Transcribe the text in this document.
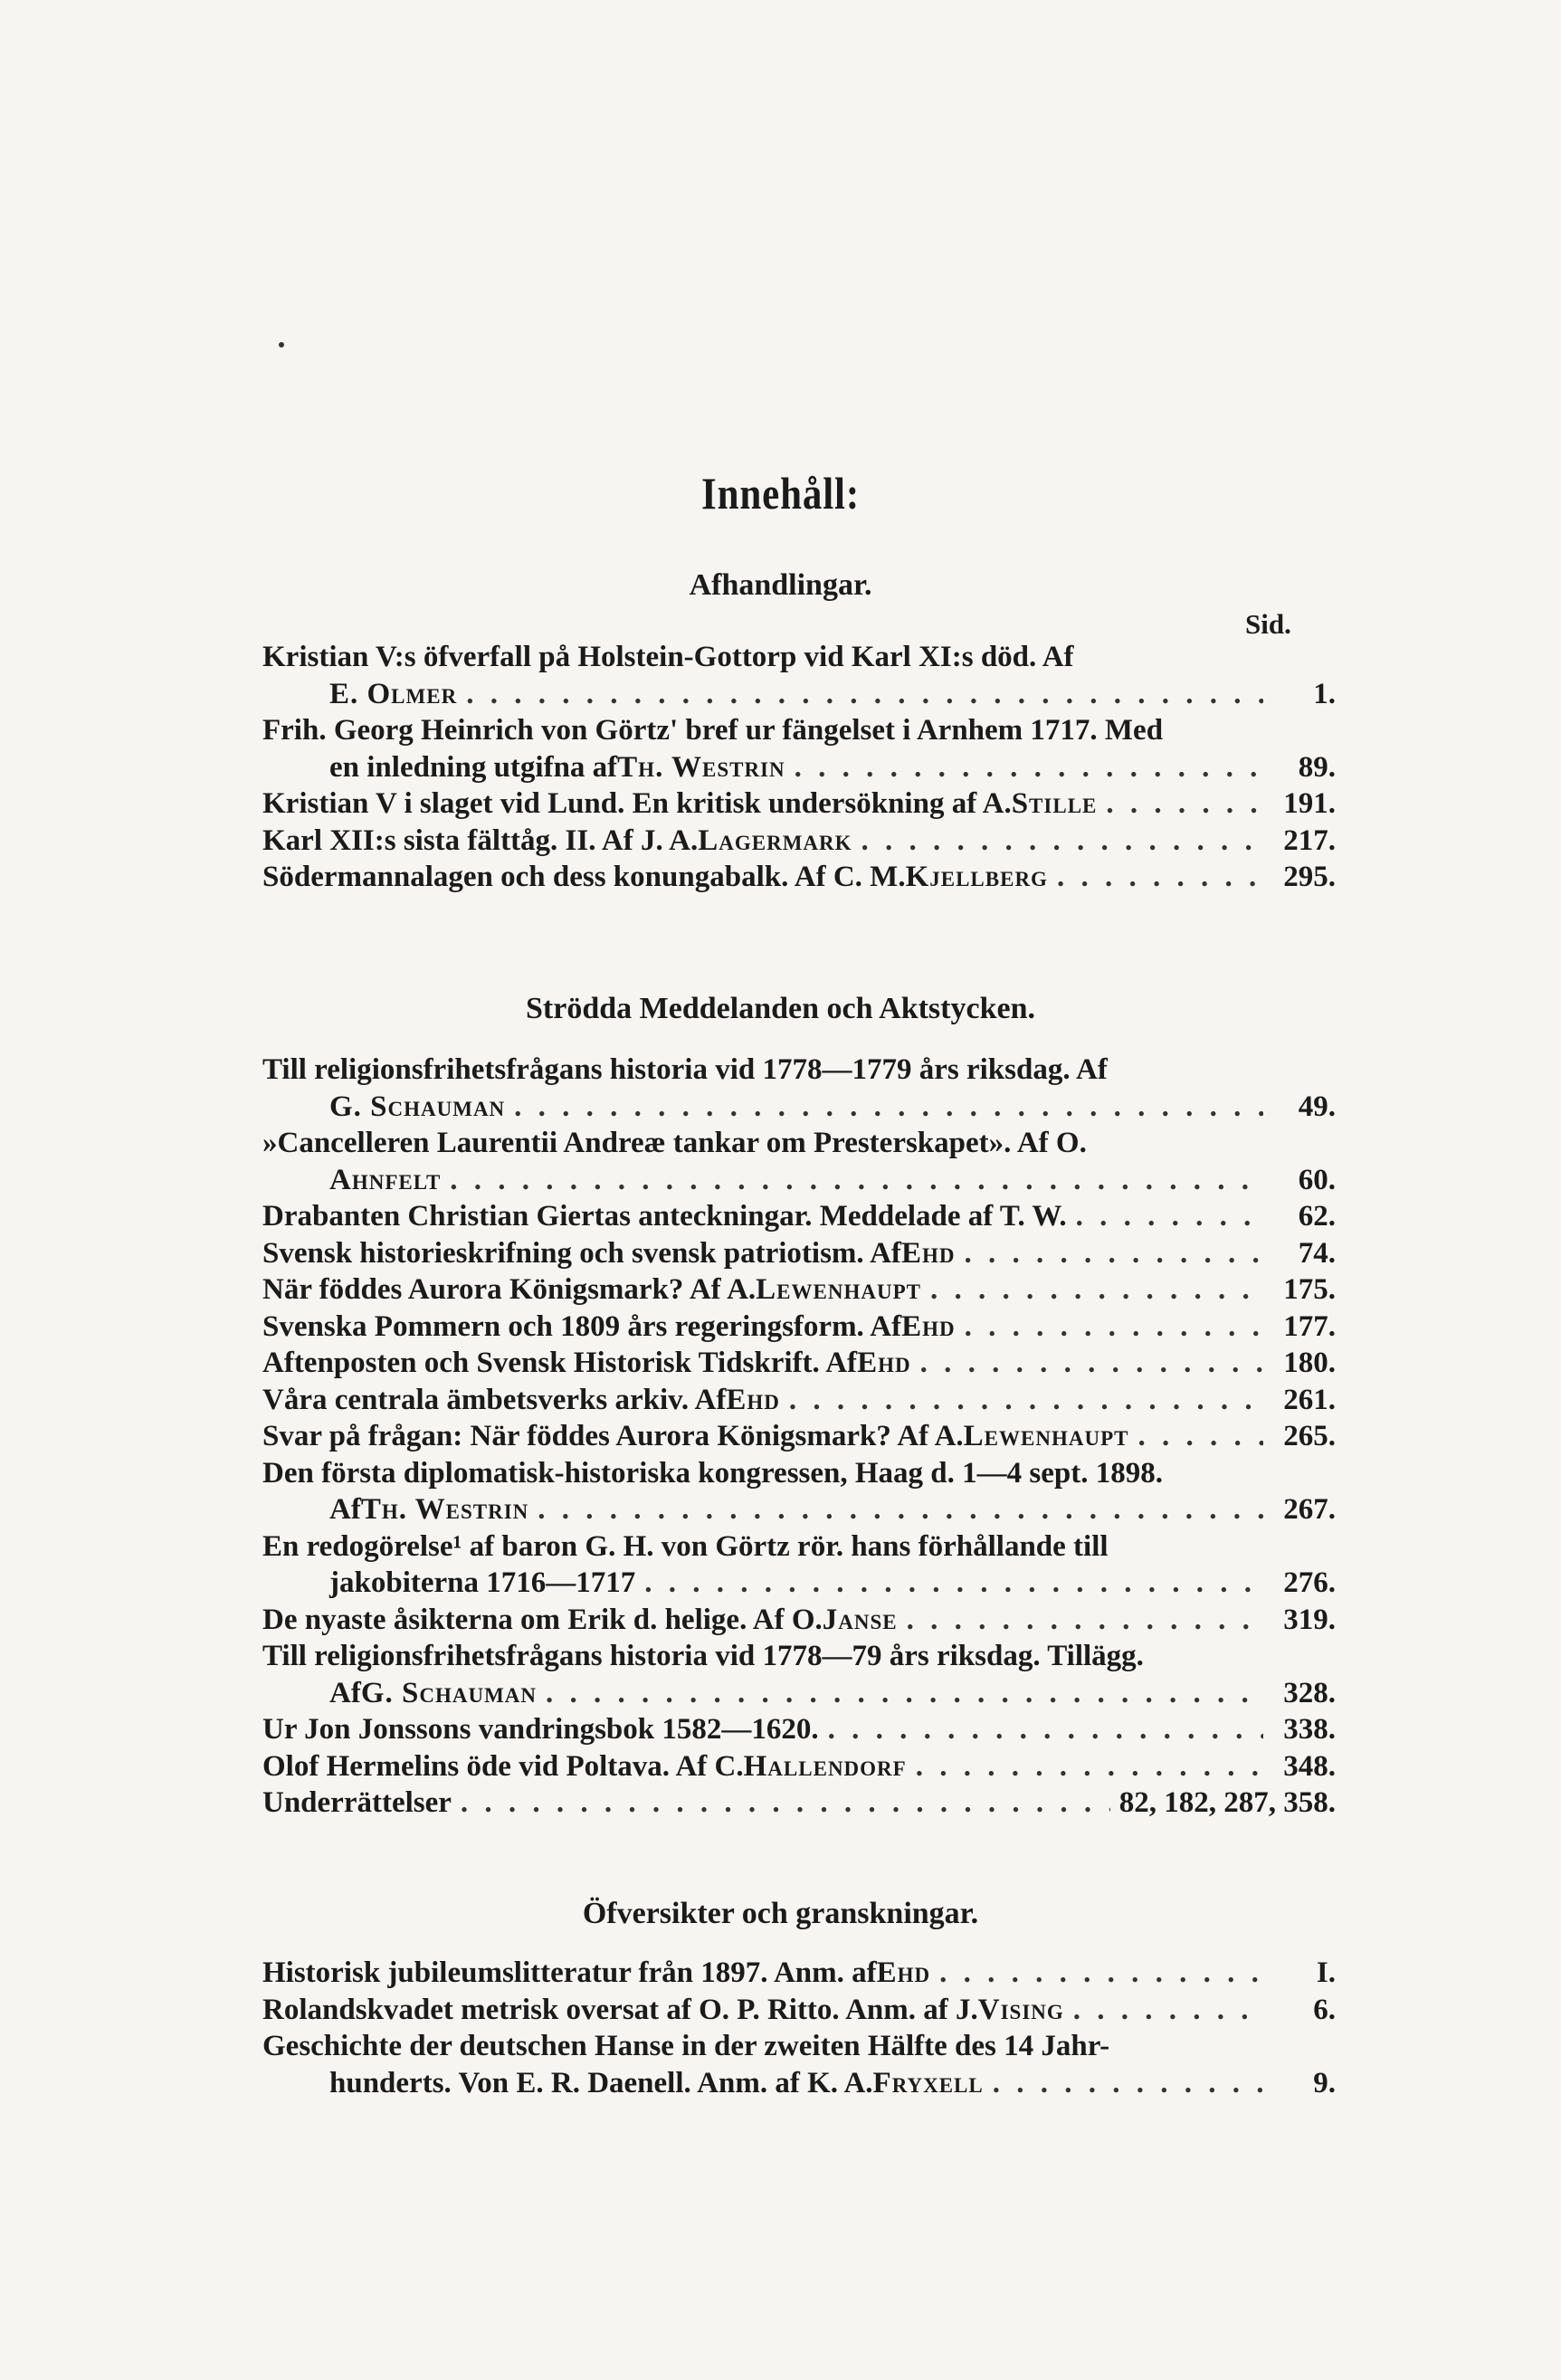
Innehåll:
Afhandlingar.
Sid.
Kristian V:s öfverfall på Holstein-Gottorp vid Karl XI:s död. Af
E. Olmer . . .	1.
Frih. Georg Heinrich von Görtz' bref ur fängelset i Arnhem 1717. Med
en inledning utgifna af Th. Westrin . . .	89.
Kristian V i slaget vid Lund. En kritisk undersökning af A. Stille . . .	191.
Karl XII:s sista fälttåg. II. Af J. A. Lagermark . . .	217.
Södermannalagen och dess konungabalk. Af C. M. Kjellberg . . .	295.
Strödda Meddelanden och Aktstycken.
Till religionsfrihetsfrågans historia vid 1778—1779 års riksdag. Af
G. Schauman . . .	49.
»Cancelleren Laurentii Andreæ tankar om Presterskapet». Af O.
Ahnfelt . . .	60.
Drabanten Christian Giertas anteckningar. Meddelade af T. W. . . .	62.
Svensk historieskrifning och svensk patriotism. Af Ehd . . .	74.
När föddes Aurora Königsmark? Af A. Lewenhaupt . . .	175.
Svenska Pommern och 1809 års regeringsform. Af Ehd . . .	177.
Aftenposten och Svensk Historisk Tidskrift. Af Ehd . . .	180.
Våra centrala ämbetsverks arkiv. Af Ehd . . .	261.
Svar på frågan: När föddes Aurora Königsmark? Af A. Lewenhaupt . . .	265.
Den första diplomatisk-historiska kongressen, Haag d. 1—4 sept. 1898.
Af Th. Westrin . . .	267.
En redogörelse¹ af baron G. H. von Görtz rör. hans förhållande till
jakobiterna 1716—1717 . . .	276.
De nyaste åsikterna om Erik d. helige. Af O. Janse . . .	319.
Till religionsfrihetsfrågans historia vid 1778—79 års riksdag. Tillägg.
Af G. Schauman . . .	328.
Ur Jon Jonssons vandringsbok 1582—1620. . . .	338.
Olof Hermelins öde vid Poltava. Af C. Hallendorf . . .	348.
Underrättelser . . .	82, 182, 287, 358.
Öfversikter och granskningar.
Historisk jubileumslitteratur från 1897. Anm. af Ehd . . .	I.
Rolandskvadet metrisk oversat af O. P. Ritto. Anm. af J. Vising . . .	6.
Geschichte der deutschen Hanse in der zweiten Hälfte des 14 Jahr-
hunderts. Von E. R. Daenell. Anm. af K. A. Fryxell . . .	9.
